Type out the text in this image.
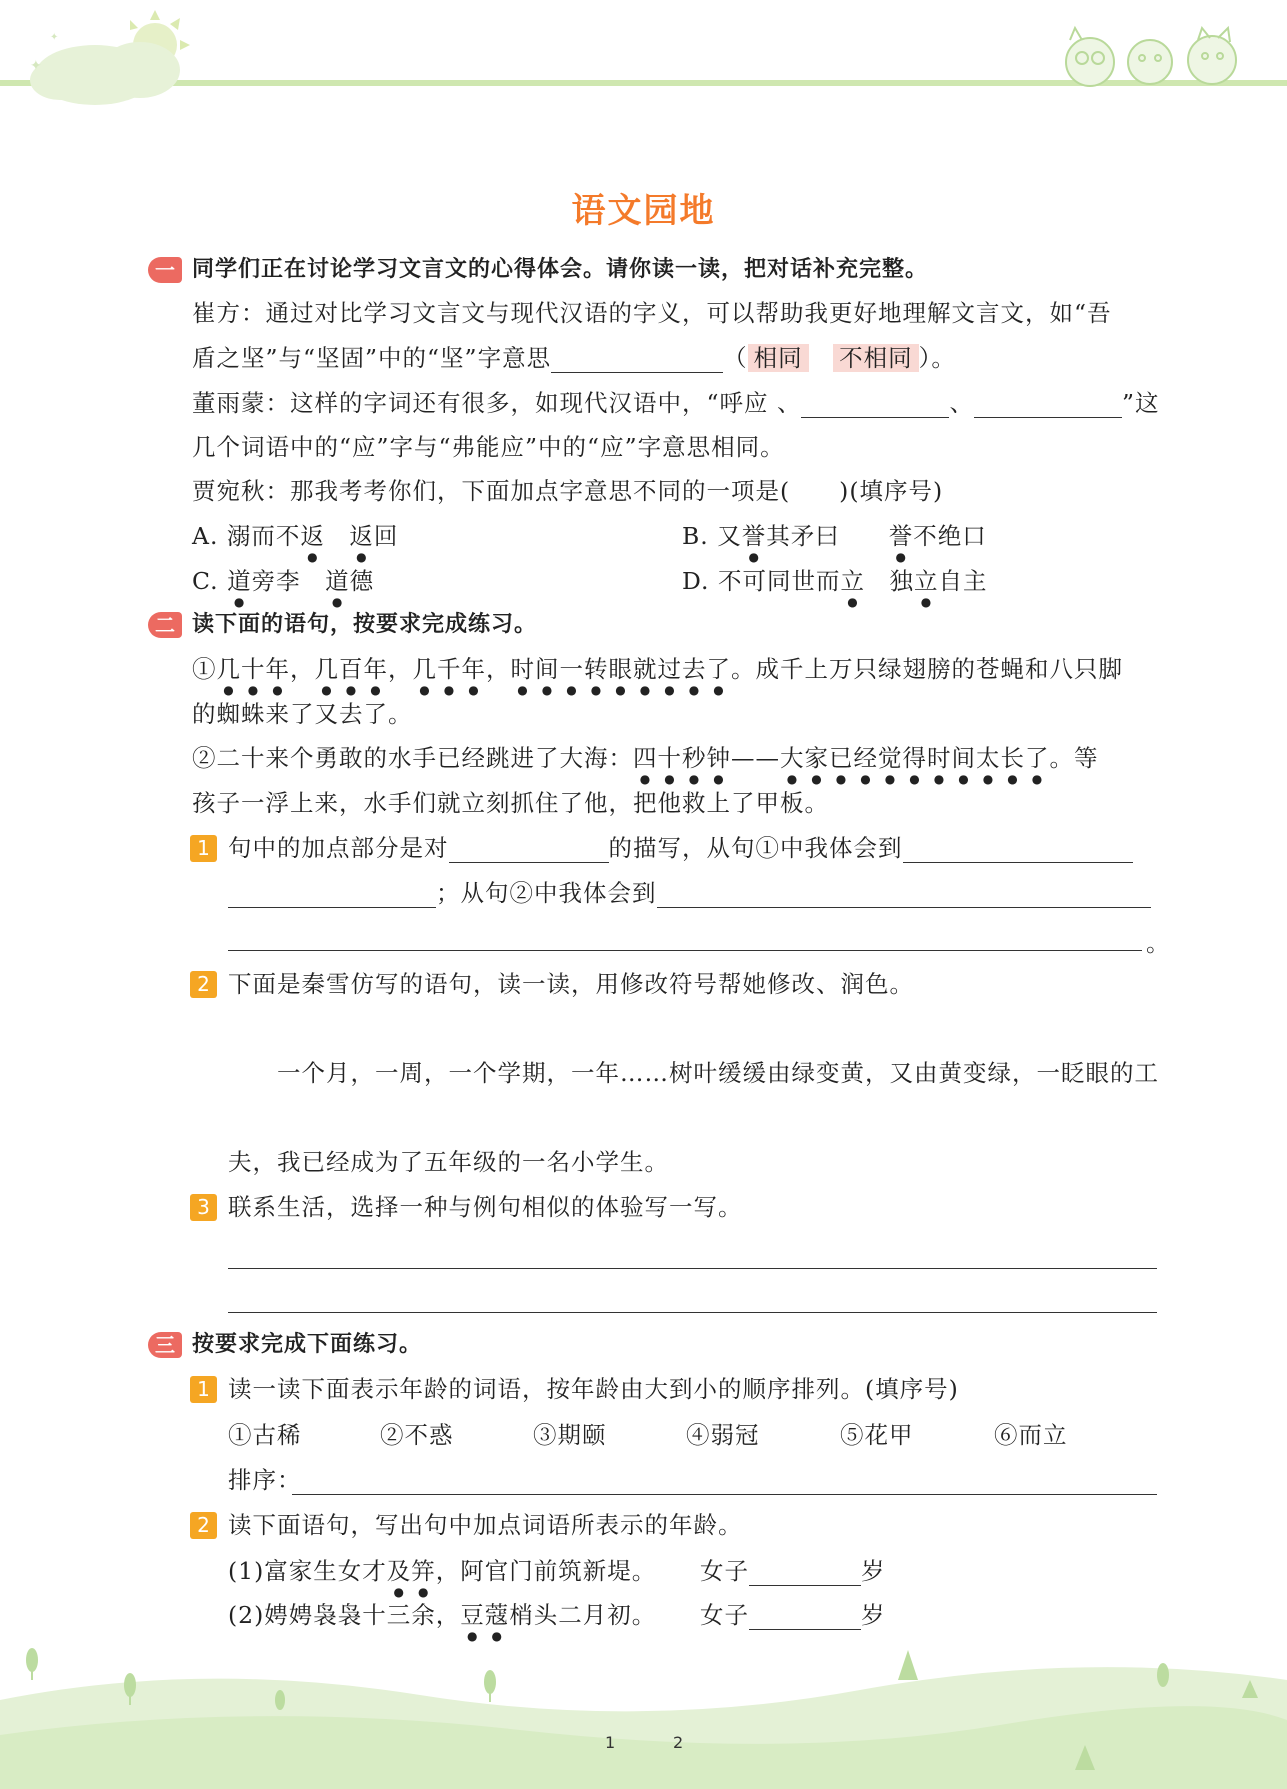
✦
✦
语文园地
一 同学们正在讨论学习文言文的心得体会。请你读一读，把对话补充完整。
崔方：通过对比学习文言文与现代汉语的字义，可以帮助我更好地理解文言文，如“吾
盾之坚”与“坚固”中的“坚”字意思	（ 相同　 不相同 ）。
董雨蒙：这样的字词还有很多，如现代汉语中，“呼应 、	、	”这
几个词语中的“应”字与“弗能应”中的“应”字意思相同。
贾宛秋：那我考考你们，下面加点字意思不同的一项是(　　)(填序号)
A. 溺而不返　 返回	B. 又誉其矛曰　　誉不绝口
C. 道旁李　道德	D. 不可同世而立　独立自主
二 读下面的语句，按要求完成练习。
①几十年，几百年，几千年，时间一转眼就过去了。成千上万只绿翅膀的苍蝇和八只脚
的蜘蛛来了又去了。
②二十来个勇敢的水手已经跳进了大海：四十秒钟——大家已经觉得时间太长了。等
孩子一浮上来，水手们就立刻抓住了他，把他救上了甲板。
1 句中的加点部分是对	的描写，从句①中我体会到
；从句②中我体会到
。
2 下面是秦雪仿写的语句，读一读，用修改符号帮她修改、润色。
一个月，一周，一个学期，一年……树叶缓缓由绿变黄，又由黄变绿，一眨眼的工
夫，我已经成为了五年级的一名小学生。
3 联系生活，选择一种与例句相似的体验写一写。
三 按要求完成下面练习。
1 读一读下面表示年龄的词语，按年龄由大到小的顺序排列。(填序号)
①古稀	②不惑	③期颐	④弱冠	⑤花甲	⑥而立
排序：
2 读下面语句，写出句中加点词语所表示的年龄。
(1)富家生女才及笄，阿官门前筑新堤。 女子	岁
(2)娉娉袅袅十三余，豆蔻梢头二月初。 女子	岁
1	2
